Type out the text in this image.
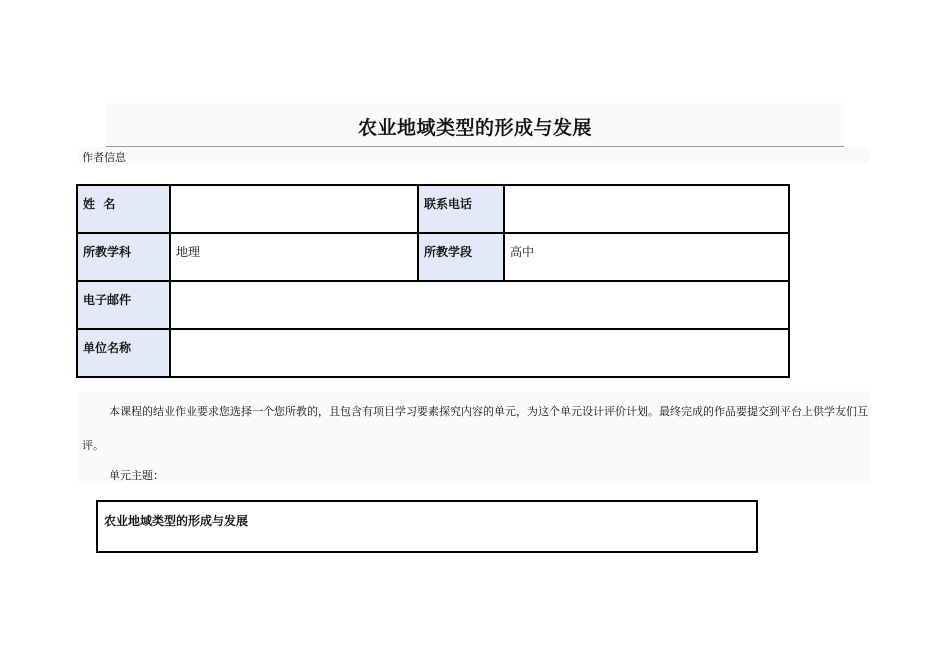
农业地域类型的形成与发展
作者信息
姓  名		联系电话	
所教学科	地理	所教学段	高中
电子邮件			
单位名称			
本课程的结业作业要求您选择一个您所教的，且包含有项目学习要素探究内容的单元，为这个单元设计评价计划。最终完成的作品要提交到平台上供学友们互评。
单元主题：
农业地域类型的形成与发展
